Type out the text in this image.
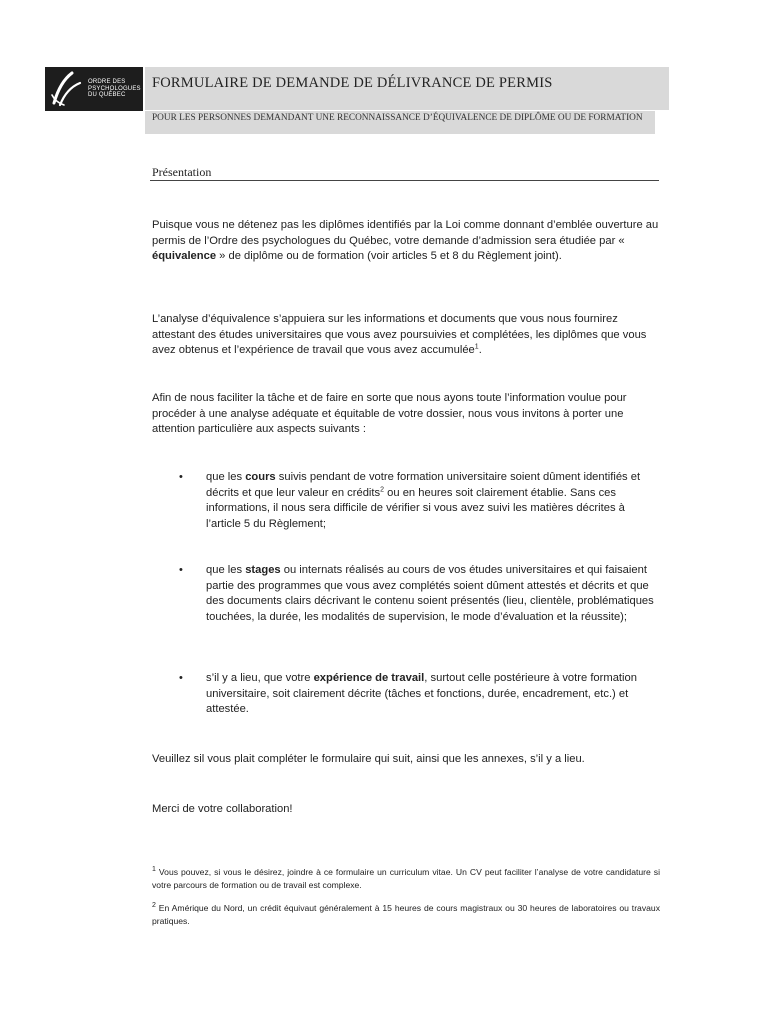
ORDRE DES
PSYCHOLOGUES
DU QUÉBEC
FORMULAIRE DE DEMANDE DE DÉLIVRANCE DE PERMIS

POUR LES PERSONNES DEMANDANT UNE RECONNAISSANCE D’ÉQUIVALENCE DE DIPLÔME OU DE FORMATION

Présentation

Puisque vous ne détenez pas les diplômes identifiés par la Loi comme donnant d’emblée ouverture au permis de l’Ordre des psychologues du Québec, votre demande d’admission sera étudiée par « équivalence » de diplôme ou de formation (voir articles 5 et 8 du Règlement joint).

L’analyse d’équivalence s’appuiera sur les informations et documents que vous nous fournirez attestant des études universitaires que vous avez poursuivies et complétées, les diplômes que vous avez obtenus et l’expérience de travail que vous avez accumulée$^1$.

Afin de nous faciliter la tâche et de faire en sorte que nous ayons toute l’information voulue pour procéder à une analyse adéquate et équitable de votre dossier, nous vous invitons à porter une attention particulière aux aspects suivants :

• que les cours suivis pendant de votre formation universitaire soient dûment identifiés et décrits et que leur valeur en crédits$^2$ ou en heures soit clairement établie. Sans ces informations, il nous sera difficile de vérifier si vous avez suivi les matières décrites à l’article 5 du Règlement;

• que les stages ou internats réalisés au cours de vos études universitaires et qui faisaient partie des programmes que vous avez complétés soient dûment attestés et décrits et que des documents clairs décrivant le contenu soient présentés (lieu, clientèle, problématiques touchées, la durée, les modalités de supervision, le mode d’évaluation et la réussite);

• s’il y a lieu, que votre expérience de travail, surtout celle postérieure à votre formation universitaire, soit clairement décrite (tâches et fonctions, durée, encadrement, etc.) et attestée.

Veuillez sil vous plait compléter le formulaire qui suit, ainsi que les annexes, s’il y a lieu.

Merci de votre collaboration!

$^1$ Vous pouvez, si vous le désirez, joindre à ce formulaire un curriculum vitae. Un CV peut faciliter l’analyse de votre candidature si votre parcours de formation ou de travail est complexe.

$^2$ En Amérique du Nord, un crédit équivaut généralement à 15 heures de cours magistraux ou 30 heures de laboratoires ou travaux pratiques.
